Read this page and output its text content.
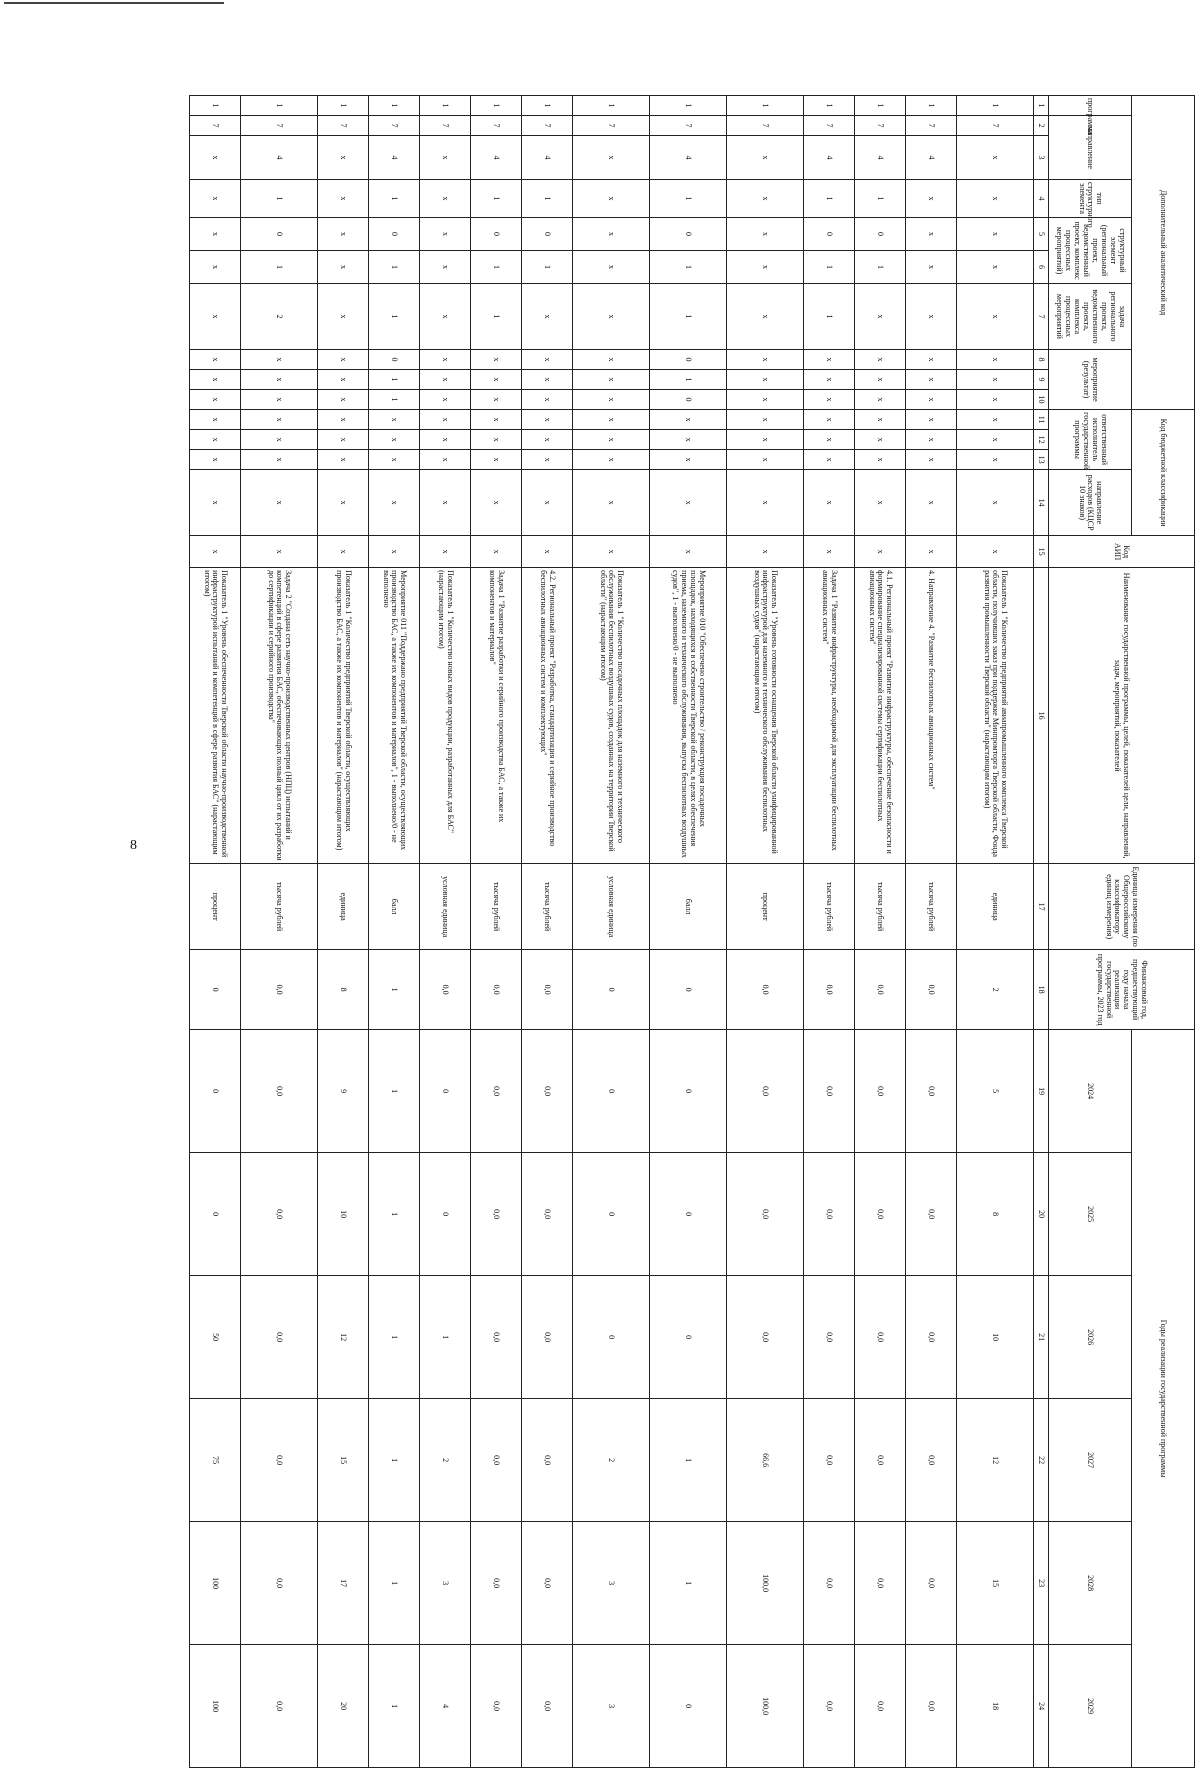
8
Дополнительный аналитический код										Код бюджетной классификации				Код АИП	Наименование государственной программы, целей, показателей цели, направлений, задач, мероприятий, показателей	Единица измерения (по Общероссийскому классификатору единиц измерения)	Финансовый год, предшествующий году начала реализации государственной программы, 2023 год	Годы реализации государственной программы					
программа	направление		тип структурного элемента	структурный элемент (региональный проект, ведомственный проект, комплекс процессных мероприятий)		задача регионального проекта, ведомственного проекта, комплекса процессных мероприятий	мероприятие (результат)			ответственный исполнитель государственной программы			направление расходов (КЦСР 10 знаков)					2024	2025	2026	2027	2028	2029

1	2	3	4	5	6	7	8	9	10	11	12	13	14	15	16	17	18	19	20	21	22	23	24
1	7	x	x	x	x	x	x	x	x	x	x	x	x	x	Показатель 1 "Количество предприятий авиапромышленного комплекса Тверской области, получивших заказ при поддержке Минпромторга Тверской области, Фонда развития промышленности Тверской области" (нарастающим итогом)	единица	2	5	8	10	12	15	18
1	7	4	x	x	x	x	x	x	x	x	x	x	x	x	4. Направление 4. "Развитие беспилотных авиационных систем"	тысяча рублей	0,0	0,0	0,0	0,0	0,0	0,0	0,0
1	7	4	1	0	1	x	x	x	x	x	x	x	x	x	4.1. Региональный проект "Развитие инфраструктуры, обеспечение безопасности и формирование специализированной системы сертификации беспилотных авиационных систем"	тысяча рублей	0,0	0,0	0,0	0,0	0,0	0,0	0,0
1	7	4	1	0	1	1	x	x	x	x	x	x	x	x	Задача 1 "Развитие инфраструктуры, необходимой для эксплуатации беспилотных авиационных систем"	тысяча рублей	0,0	0,0	0,0	0,0	0,0	0,0	0,0
1	7	x	x	x	x	x	x	x	x	x	x	x	x	x	Показатель 1 "Уровень готовности оснащения Тверской области унифицированной инфраструктурой для наземного и технического обслуживания беспилотных воздушных судов" (нарастающим итогом)	процент	0,0	0,0	0,0	0,0	66,6	100,0	100,0
1	7	4	1	0	1	1	0	1	0	x	x	x	x	x	Мероприятие 010 "Обеспечено строительство / реконструкция посадочных площадок, находящихся в собственности Тверской области, в целях обеспечения приема, наземного и технического обслуживания, выпуска беспилотных воздушных судов", 1 - выполнено/0 - не выполнено	балл	0	0	0	0	1	1	0
1	7	x	x	x	x	x	x	x	x	x	x	x	x	x	Показатель 1 "Количество посадочных площадок для наземного и технического обслуживания беспилотных воздушных судов, созданных на территории Тверской области" (нарастающим итогом)	условная единица	0	0	0	0	2	3	3
1	7	4	1	0	1	x	x	x	x	x	x	x	x	x	4.2. Региональный проект "Разработка, стандартизация и серийное производство беспилотных авиационных систем и комплектующих"	тысяча рублей	0,0	0,0	0,0	0,0	0,0	0,0	0,0
1	7	4	1	0	1	1	x	x	x	x	x	x	x	x	Задача 1 "Развитие разработки и серийного производства БАС, а также их компонентов и материалов"	тысяча рублей	0,0	0,0	0,0	0,0	0,0	0,0	0,0
1	7	x	x	x	x	x	x	x	x	x	x	x	x	x	Показатель 1 "Количество новых видов продукции, разработанных для БАС" (нарастающим итогом)	условная единица	0,0	0	0	1	2	3	4
1	7	4	1	0	1	1	0	1	1	x	x	x	x	x	Мероприятие 011 "Поддержано предприятий Тверской области, осуществляющих производство БАС, а также их компонентов и материалов", 1 - выполнено/0 - не выполнено	балл	1	1	1	1	1	1	1
1	7	x	x	x	x	x	x	x	x	x	x	x	x	x	Показатель 1 "Количество предприятий Тверской области, осуществляющих производство БАС, а также их компонентов и материалов" (нарастающим итогом)	единица	8	9	10	12	15	17	20
1	7	4	1	0	1	2	x	x	x	x	x	x	x	x	Задача 2 "Создана сеть научно-производственных центров (НПЦ) испытаний и компетенций в сфере развития БАС, обеспечивающих полный цикл от их разработки до сертификации и серийного производства"	тысяча рублей	0,0	0,0	0,0	0,0	0,0	0,0	0,0
1	7	x	x	x	x	x	x	x	x	x	x	x	x	x	Показатель 1 "Уровень обеспеченности Тверской области научно-производственной инфраструктурой испытаний и компетенций в сфере развития БАС" (нарастающим итогом)	процент	0	0	0	50	75	100	100
